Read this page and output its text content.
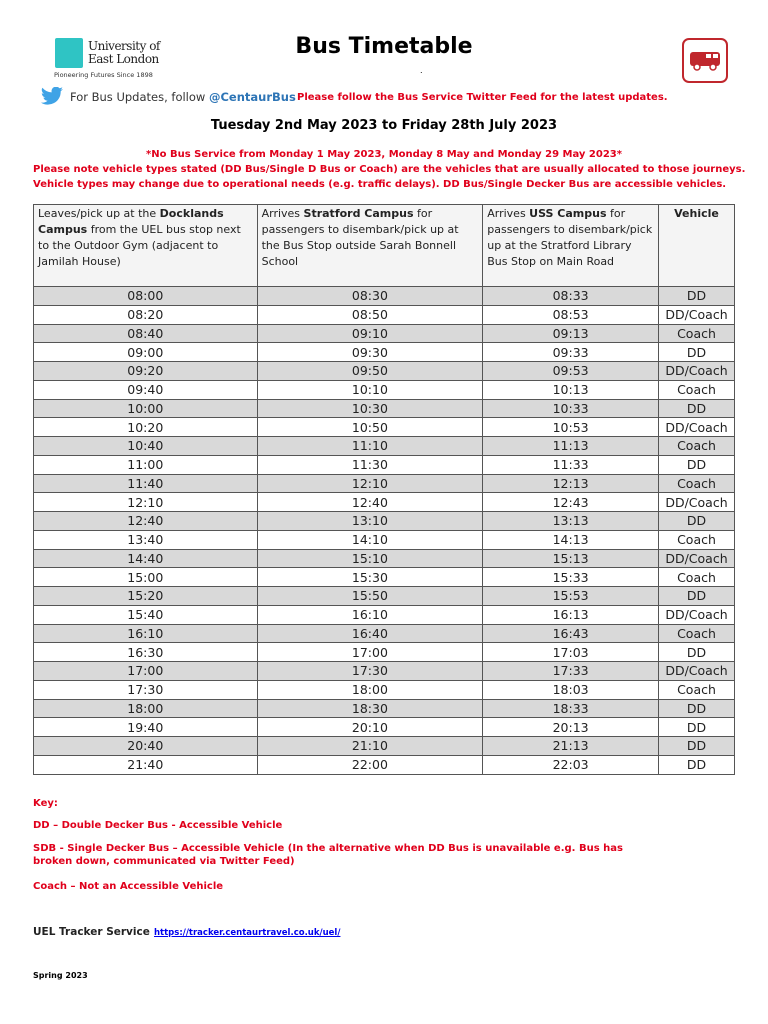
University of
East London
Pioneering Futures Since 1898
Bus Timetable
.
For Bus Updates, follow @CentaurBus Please follow the Bus Service Twitter Feed for the latest updates.
Tuesday 2nd May 2023 to Friday 28th July 2023
*No Bus Service from Monday 1 May 2023, Monday 8 May and Monday 29 May 2023*
Please note vehicle types stated (DD Bus/Single D Bus or Coach) are the vehicles that are usually allocated to those journeys.
Vehicle types may change due to operational needs (e.g. traffic delays). DD Bus/Single Decker Bus are accessible vehicles.
Leaves/pick up at the Docklands Campus from the UEL bus stop next to the Outdoor Gym (adjacent to Jamilah House)	Arrives Stratford Campus for passengers to disembark/pick up at the Bus Stop outside Sarah Bonnell School	Arrives USS Campus for passengers to disembark/pick up at the Stratford Library Bus Stop on Main Road	Vehicle
08:00	08:30	08:33	DD
08:20	08:50	08:53	DD/Coach
08:40	09:10	09:13	Coach
09:00	09:30	09:33	DD
09:20	09:50	09:53	DD/Coach
09:40	10:10	10:13	Coach
10:00	10:30	10:33	DD
10:20	10:50	10:53	DD/Coach
10:40	11:10	11:13	Coach
11:00	11:30	11:33	DD
11:40	12:10	12:13	Coach
12:10	12:40	12:43	DD/Coach
12:40	13:10	13:13	DD
13:40	14:10	14:13	Coach
14:40	15:10	15:13	DD/Coach
15:00	15:30	15:33	Coach
15:20	15:50	15:53	DD
15:40	16:10	16:13	DD/Coach
16:10	16:40	16:43	Coach
16:30	17:00	17:03	DD
17:00	17:30	17:33	DD/Coach
17:30	18:00	18:03	Coach
18:00	18:30	18:33	DD
19:40	20:10	20:13	DD
20:40	21:10	21:13	DD
21:40	22:00	22:03	DD
Key:
DD – Double Decker Bus - Accessible Vehicle
SDB - Single Decker Bus – Accessible Vehicle (In the alternative when DD Bus is unavailable e.g. Bus has broken down, communicated via Twitter Feed)
Coach – Not an Accessible Vehicle
UEL Tracker Service https://tracker.centaurtravel.co.uk/uel/
Spring 2023
